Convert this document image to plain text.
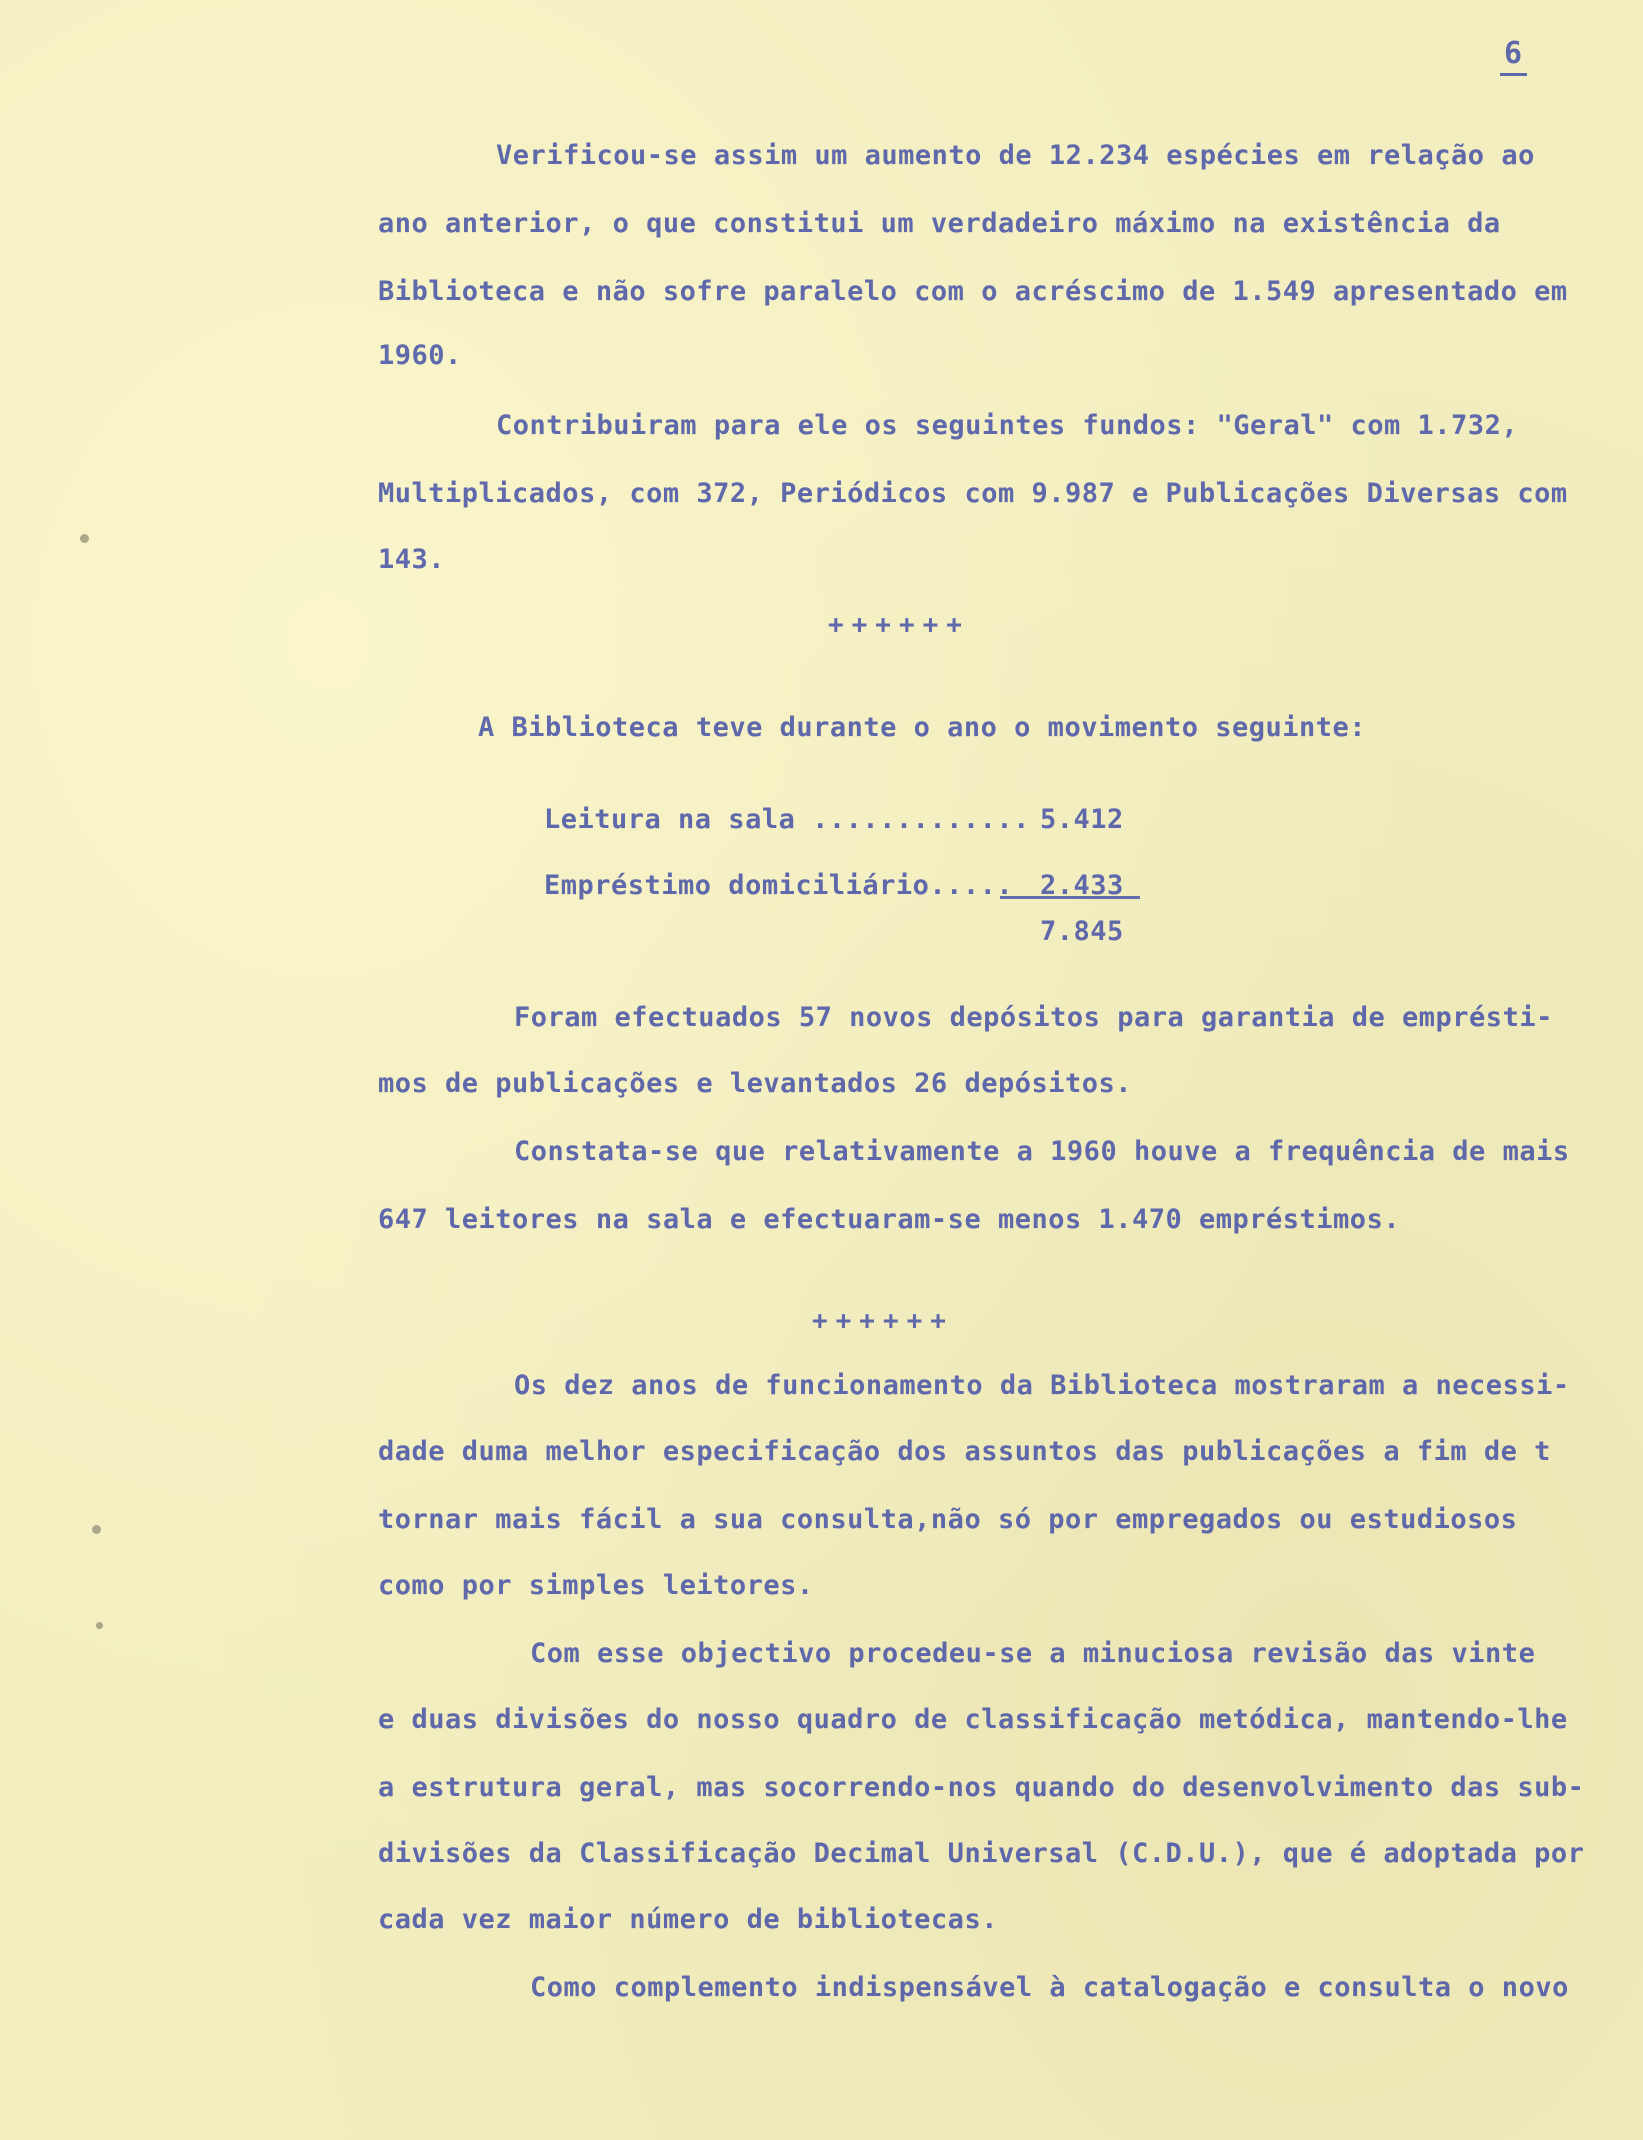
6
Verificou-se assim um aumento de 12.234 espécies em relação ao
ano anterior, o que constitui um verdadeiro máximo na existência da
Biblioteca e não sofre paralelo com o acréscimo de 1.549 apresentado em
1960.
Contribuiram para ele os seguintes fundos: "Geral" com 1.732,
Multiplicados, com 372, Periódicos com 9.987 e Publicações Diversas com
143.
++++++
A Biblioteca teve durante o ano o movimento seguinte:
Leitura na sala ............. 5.412
Empréstimo domiciliário..... 2.433
7.845
Foram efectuados 57 novos depósitos para garantia de emprésti-
mos de publicações e levantados 26 depósitos.
Constata-se que relativamente a 1960 houve a frequência de mais
647 leitores na sala e efectuaram-se menos 1.470 empréstimos.
++++++
Os dez anos de funcionamento da Biblioteca mostraram a necessi-
dade duma melhor especificação dos assuntos das publicações a fim de t
tornar mais fácil a sua consulta,não só por empregados ou estudiosos
como por simples leitores.
Com esse objectivo procedeu-se a minuciosa revisão das vinte
e duas divisões do nosso quadro de classificação metódica, mantendo-lhe
a estrutura geral, mas socorrendo-nos quando do desenvolvimento das sub-
divisões da Classificação Decimal Universal (C.D.U.), que é adoptada por
cada vez maior número de bibliotecas.
Como complemento indispensável à catalogação e consulta o novo
